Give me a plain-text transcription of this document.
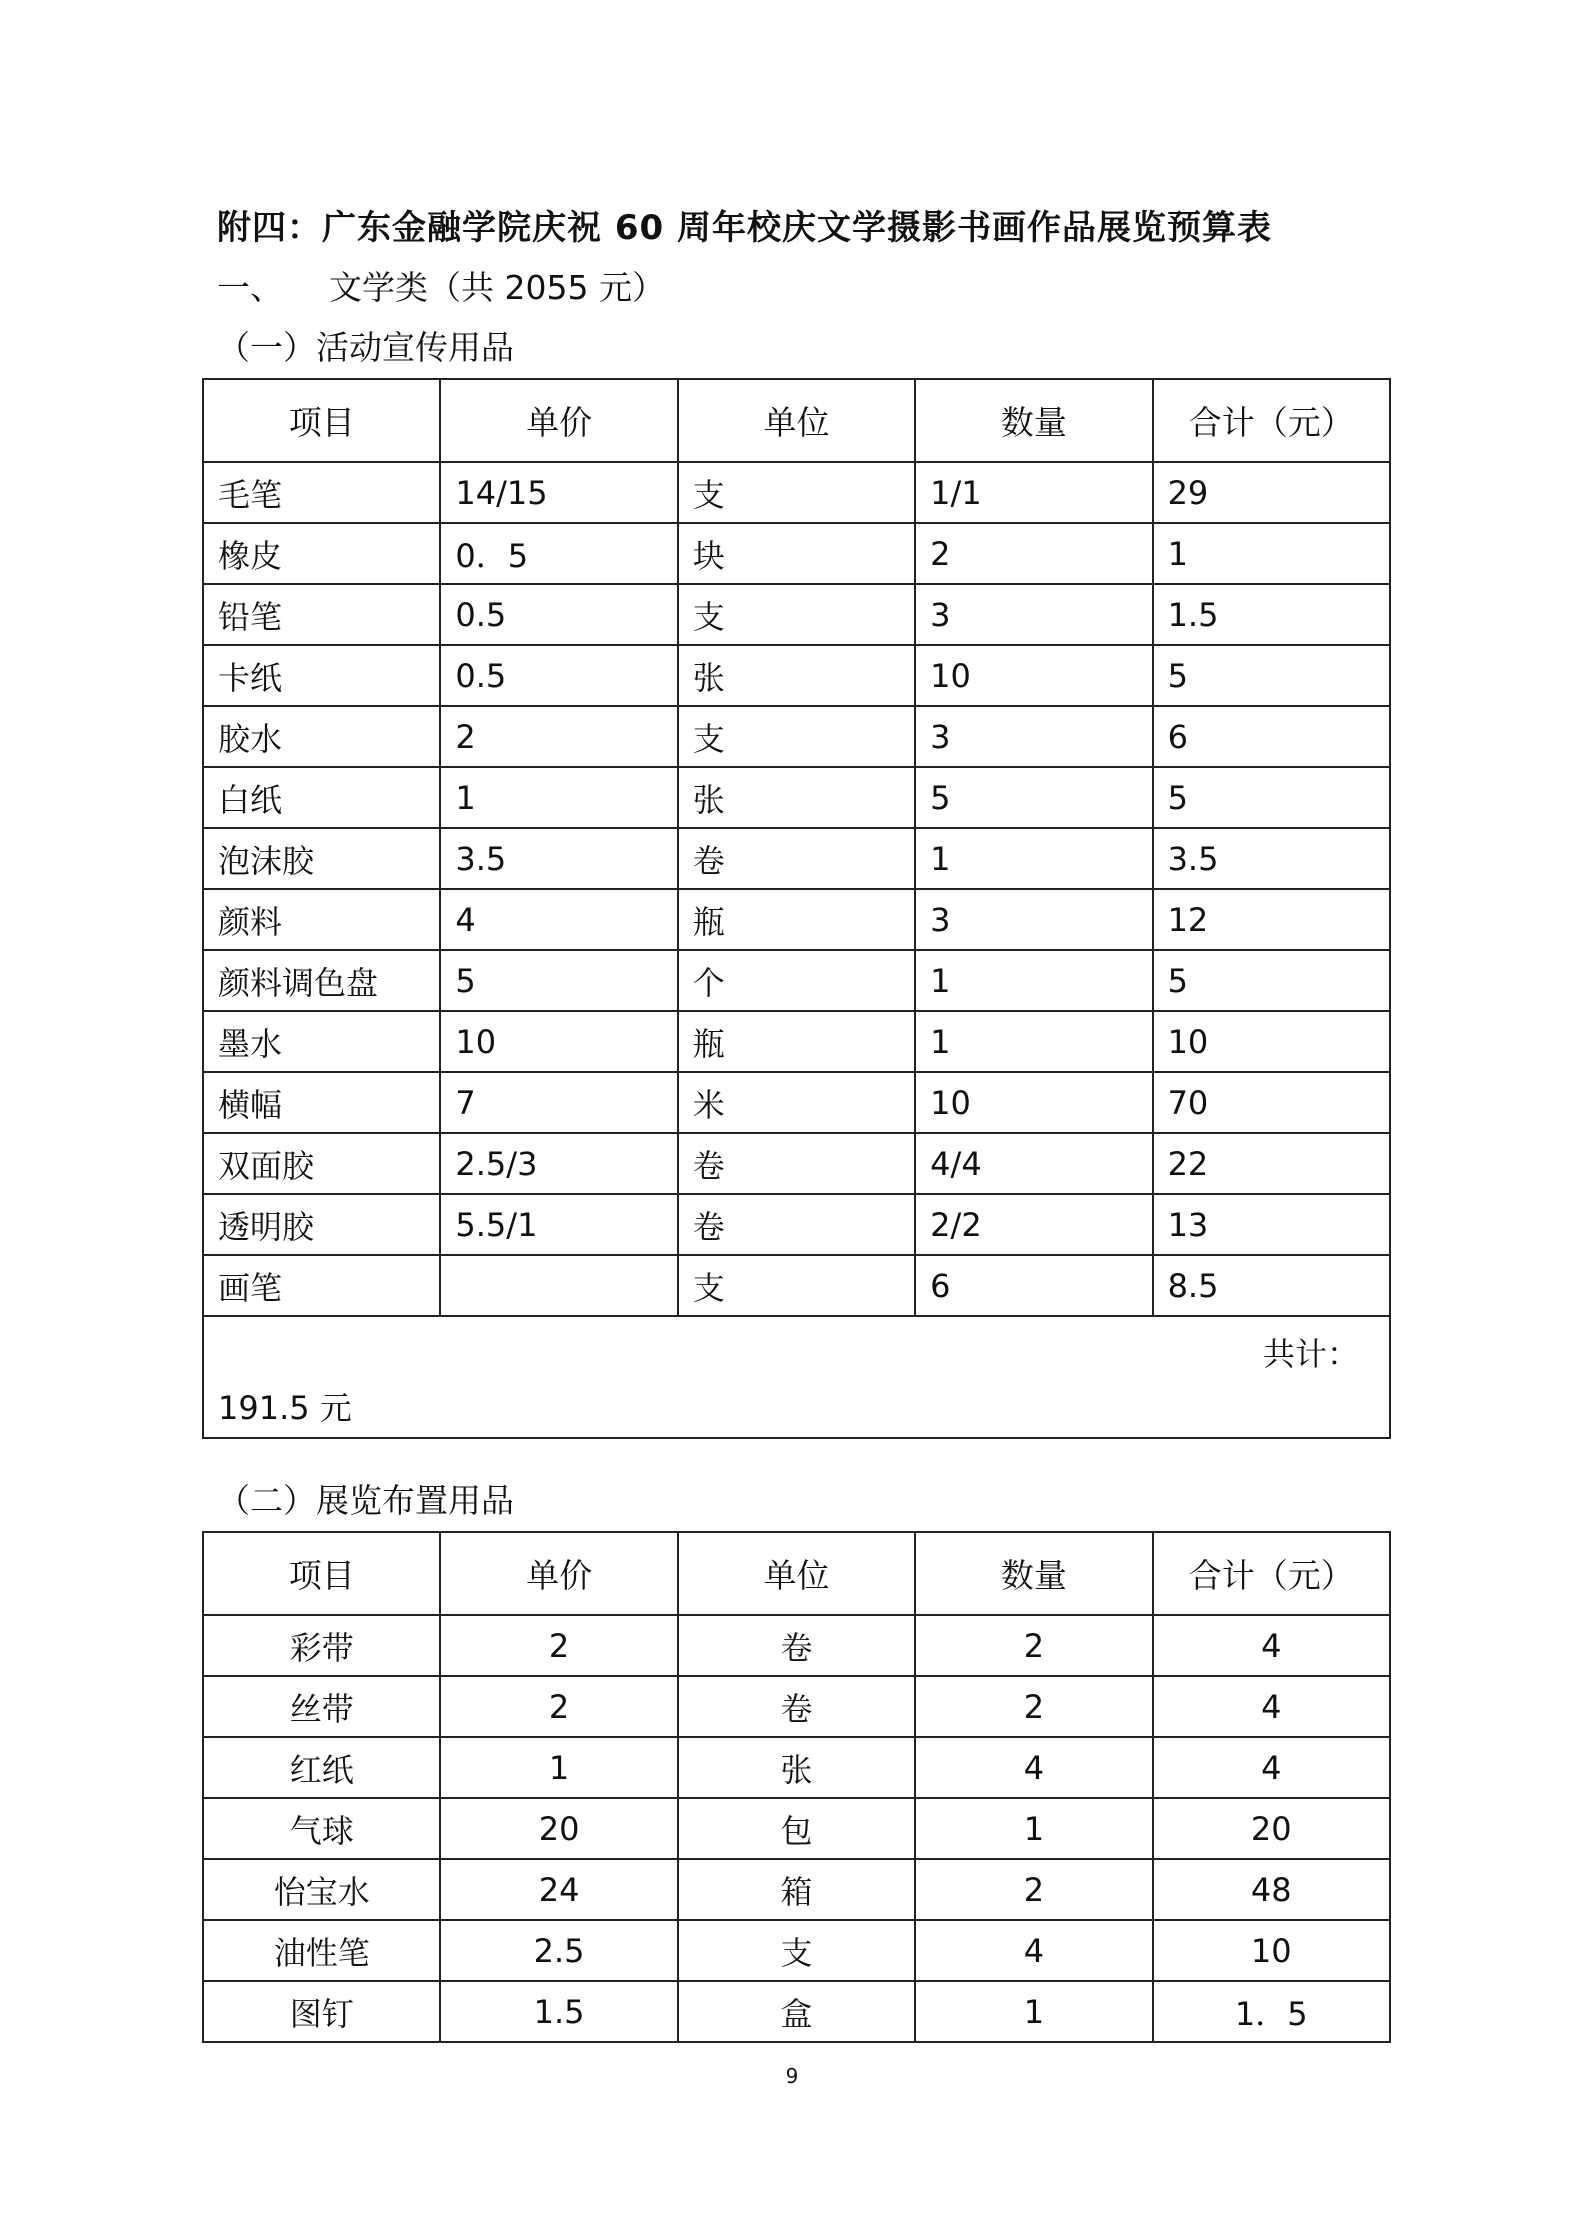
附四：广东金融学院庆祝 60 周年校庆文学摄影书画作品展览预算表
一、 文学类（共 2055 元）
（一）活动宣传用品
项目	单价	单位	数量	合计（元）
毛笔	14/15	支	1/1	29
橡皮	0．5	块	2	1
铅笔	0.5	支	3	1.5
卡纸	0.5	张	10	5
胶水	2	支	3	6
白纸	1	张	5	5
泡沫胶	3.5	卷	1	3.5
颜料	4	瓶	3	12
颜料调色盘	5	个	1	5
墨水	10	瓶	1	10
横幅	7	米	10	70
双面胶	2.5/3	卷	4/4	22
透明胶	5.5/1	卷	2/2	13
画笔		支	6	8.5

共计：
191.5 元				
（二）展览布置用品
项目	单价	单位	数量	合计（元）
彩带	2	卷	2	4
丝带	2	卷	2	4
红纸	1	张	4	4
气球	20	包	1	20
怡宝水	24	箱	2	48
油性笔	2.5	支	4	10
图钉	1.5	盒	1	1．5
9
